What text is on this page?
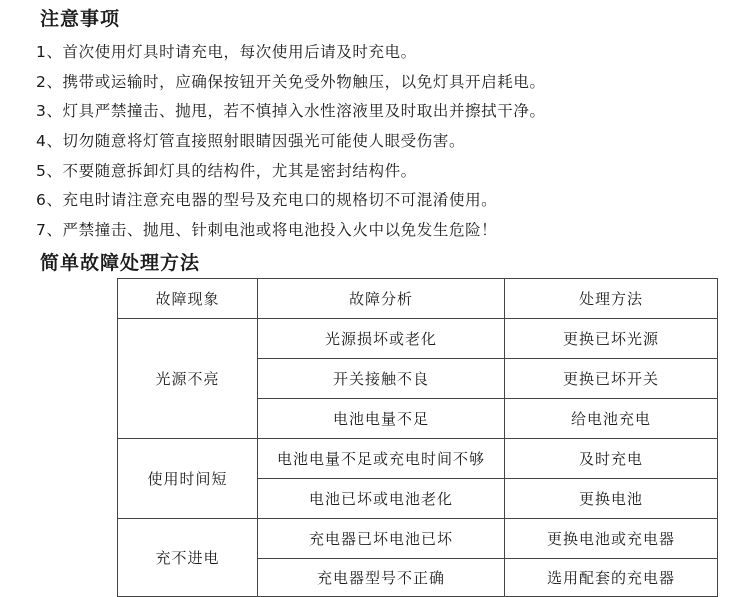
注意事项
1、首次使用灯具时请充电，每次使用后请及时充电。
2、携带或运输时，应确保按钮开关免受外物触压，以免灯具开启耗电。
3、灯具严禁撞击、抛甩，若不慎掉入水性溶液里及时取出并擦拭干净。
4、切勿随意将灯管直接照射眼睛因强光可能使人眼受伤害。
5、不要随意拆卸灯具的结构件，尤其是密封结构件。
6、充电时请注意充电器的型号及充电口的规格切不可混淆使用。
7、严禁撞击、抛甩、针刺电池或将电池投入火中以免发生危险！
简单故障处理方法
故障现象	故障分析	处理方法
光源不亮	光源损坏或老化	更换已坏光源
	开关接触不良	更换已坏开关
	电池电量不足	给电池充电
使用时间短	电池电量不足或充电时间不够	及时充电
	电池已坏或电池老化	更换电池
充不进电	充电器已坏电池已坏	更换电池或充电器
	充电器型号不正确	选用配套的充电器
